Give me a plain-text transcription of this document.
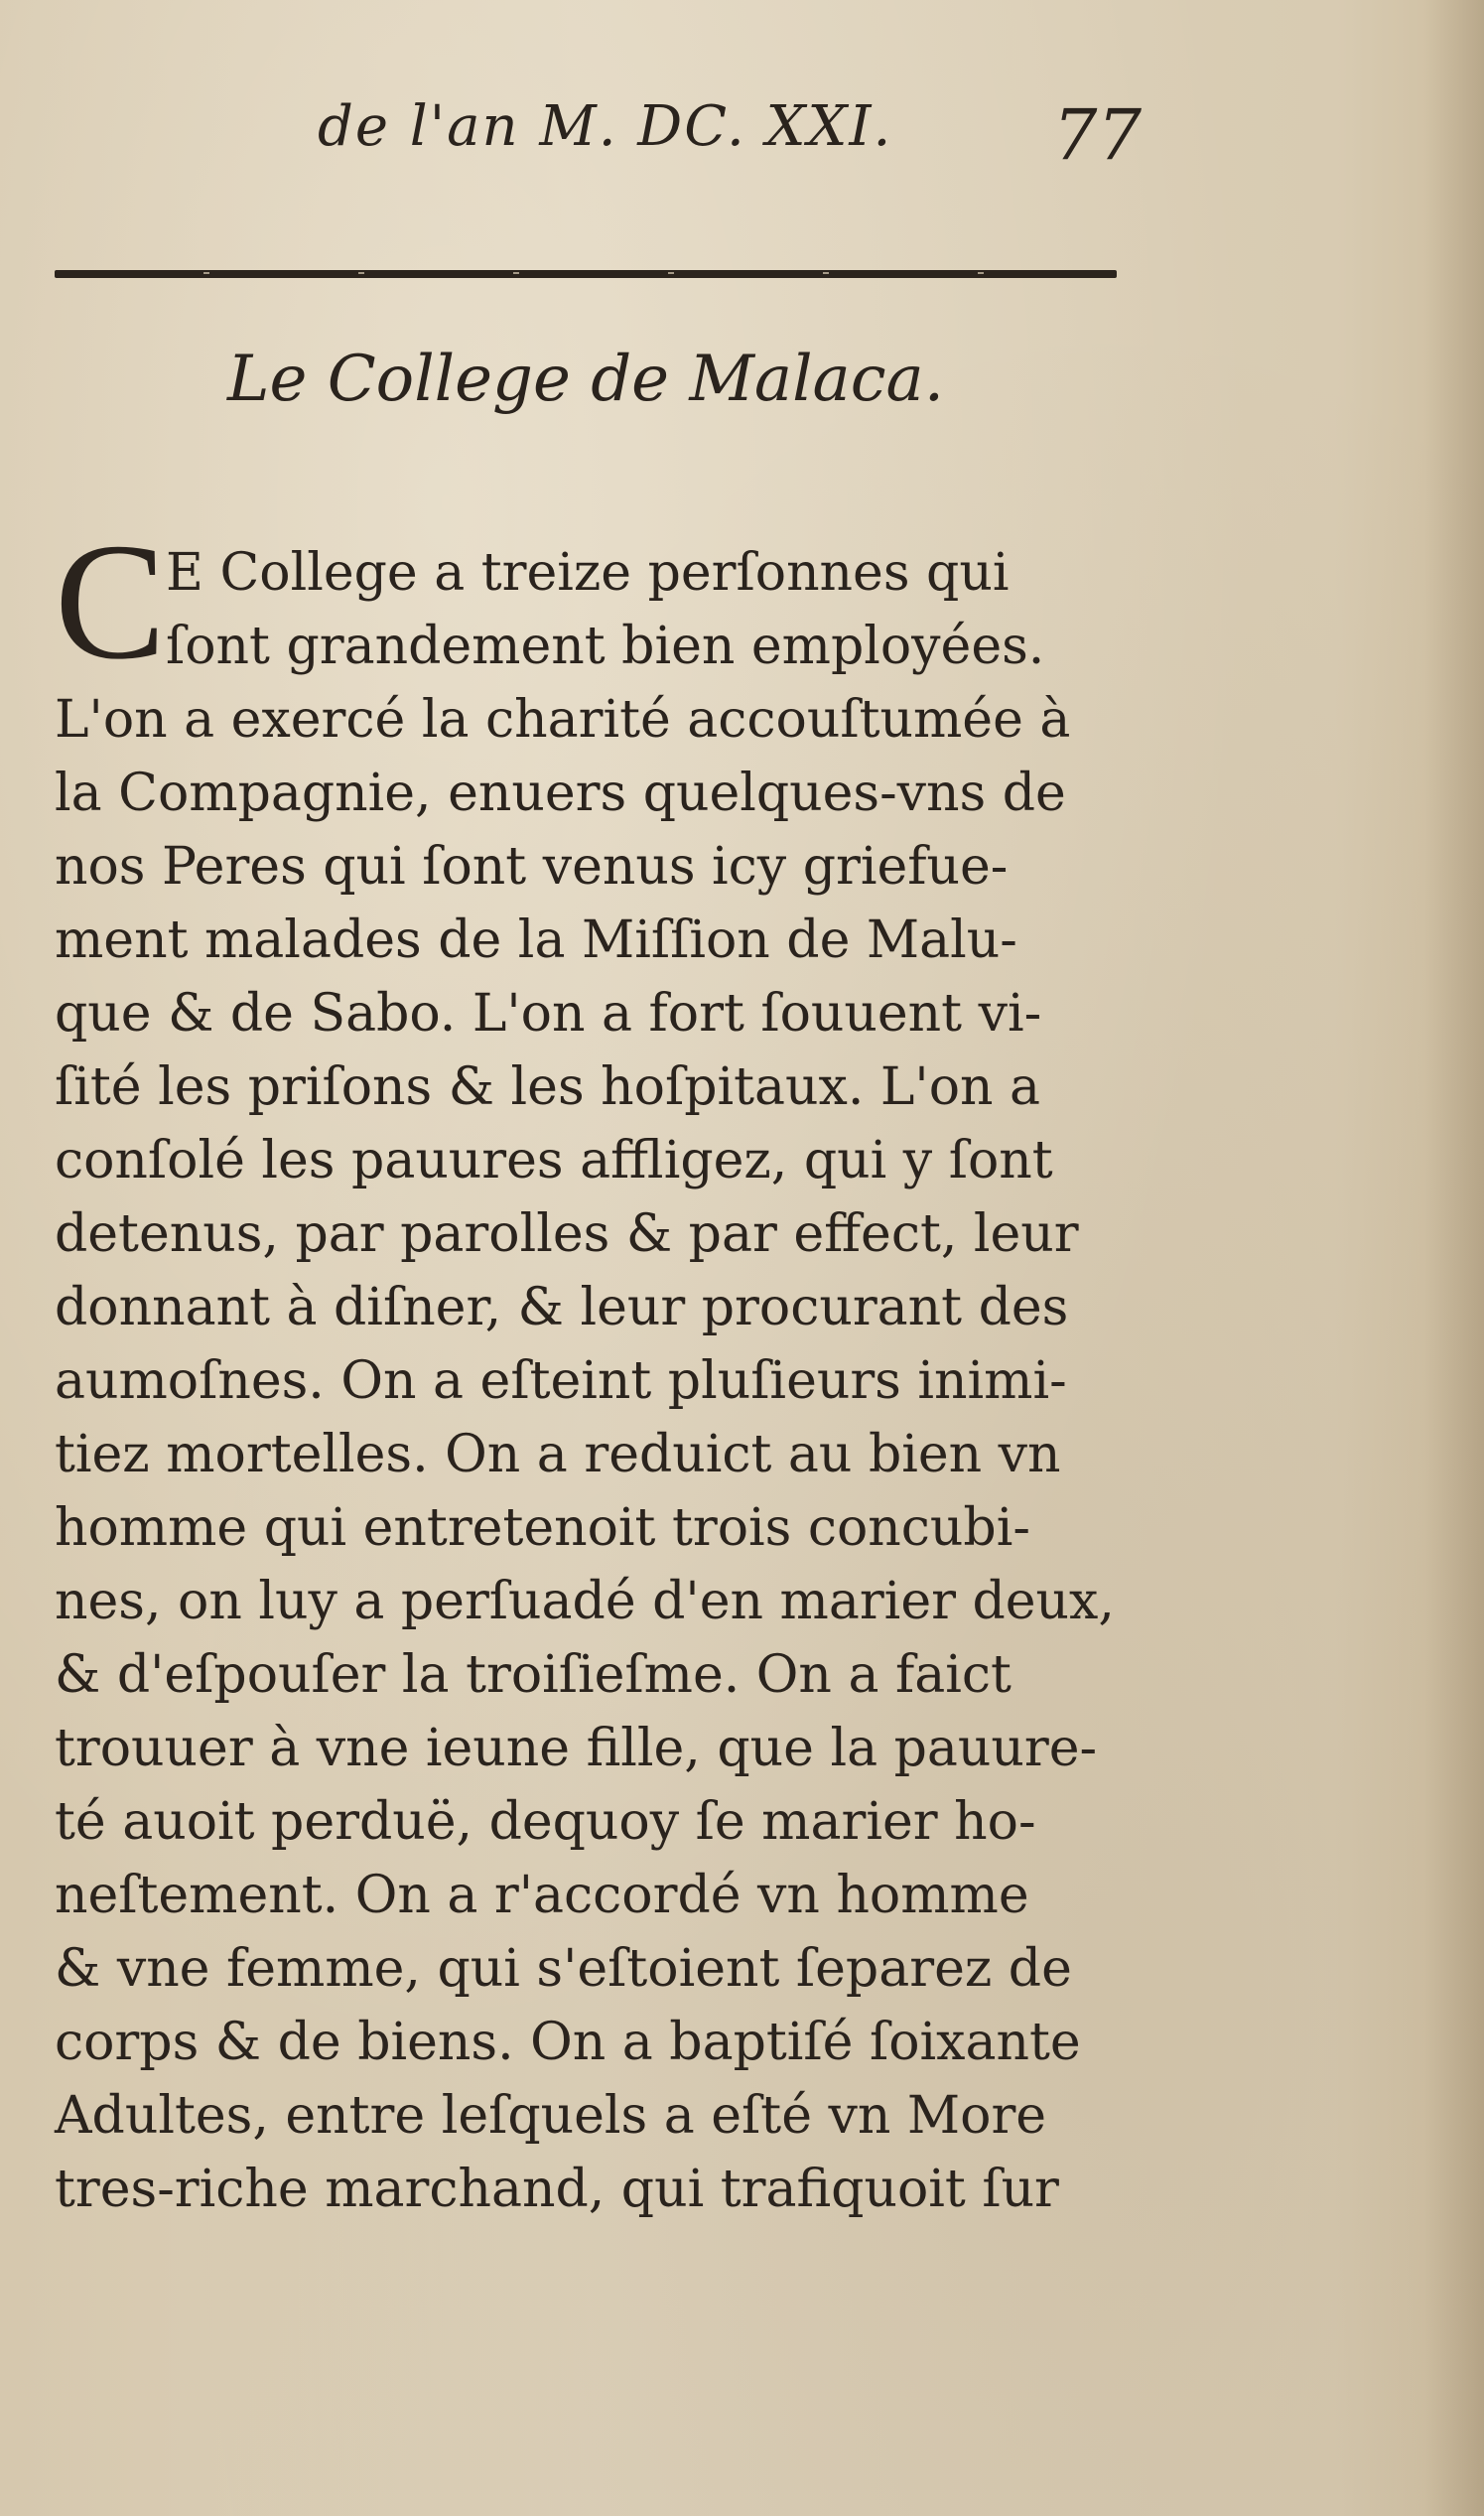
de l'an M. DC. XXI. 77
Le College de Malaca.
C E College a treize perſonnes qui
ſont grandement bien employées.
L'on a exercé la charité accouſtumée à
la Compagnie, enuers quelques-vns de
nos Peres qui ſont venus icy griefue-
ment malades de la Miſſion de Malu-
que & de Sabo. L'on a fort ſouuent vi-
ſité les priſons & les hoſpitaux. L'on a
conſolé les pauures affligez, qui y ſont
detenus, par parolles & par effect, leur
donnant à diſner, & leur procurant des
aumoſnes. On a eſteint pluſieurs inimi-
tiez mortelles. On a reduict au bien vn
homme qui entretenoit trois concubi-
nes, on luy a perſuadé d'en marier deux,
& d'eſpouſer la troiſieſme. On a faict
trouuer à vne ieune fille, que la pauure-
té auoit perduë, dequoy ſe marier ho-
neſtement. On a r'accordé vn homme
& vne femme, qui s'eſtoient ſeparez de
corps & de biens. On a baptiſé ſoixante
Adultes, entre leſquels a eſté vn More
tres-riche marchand, qui trafiquoit ſur
